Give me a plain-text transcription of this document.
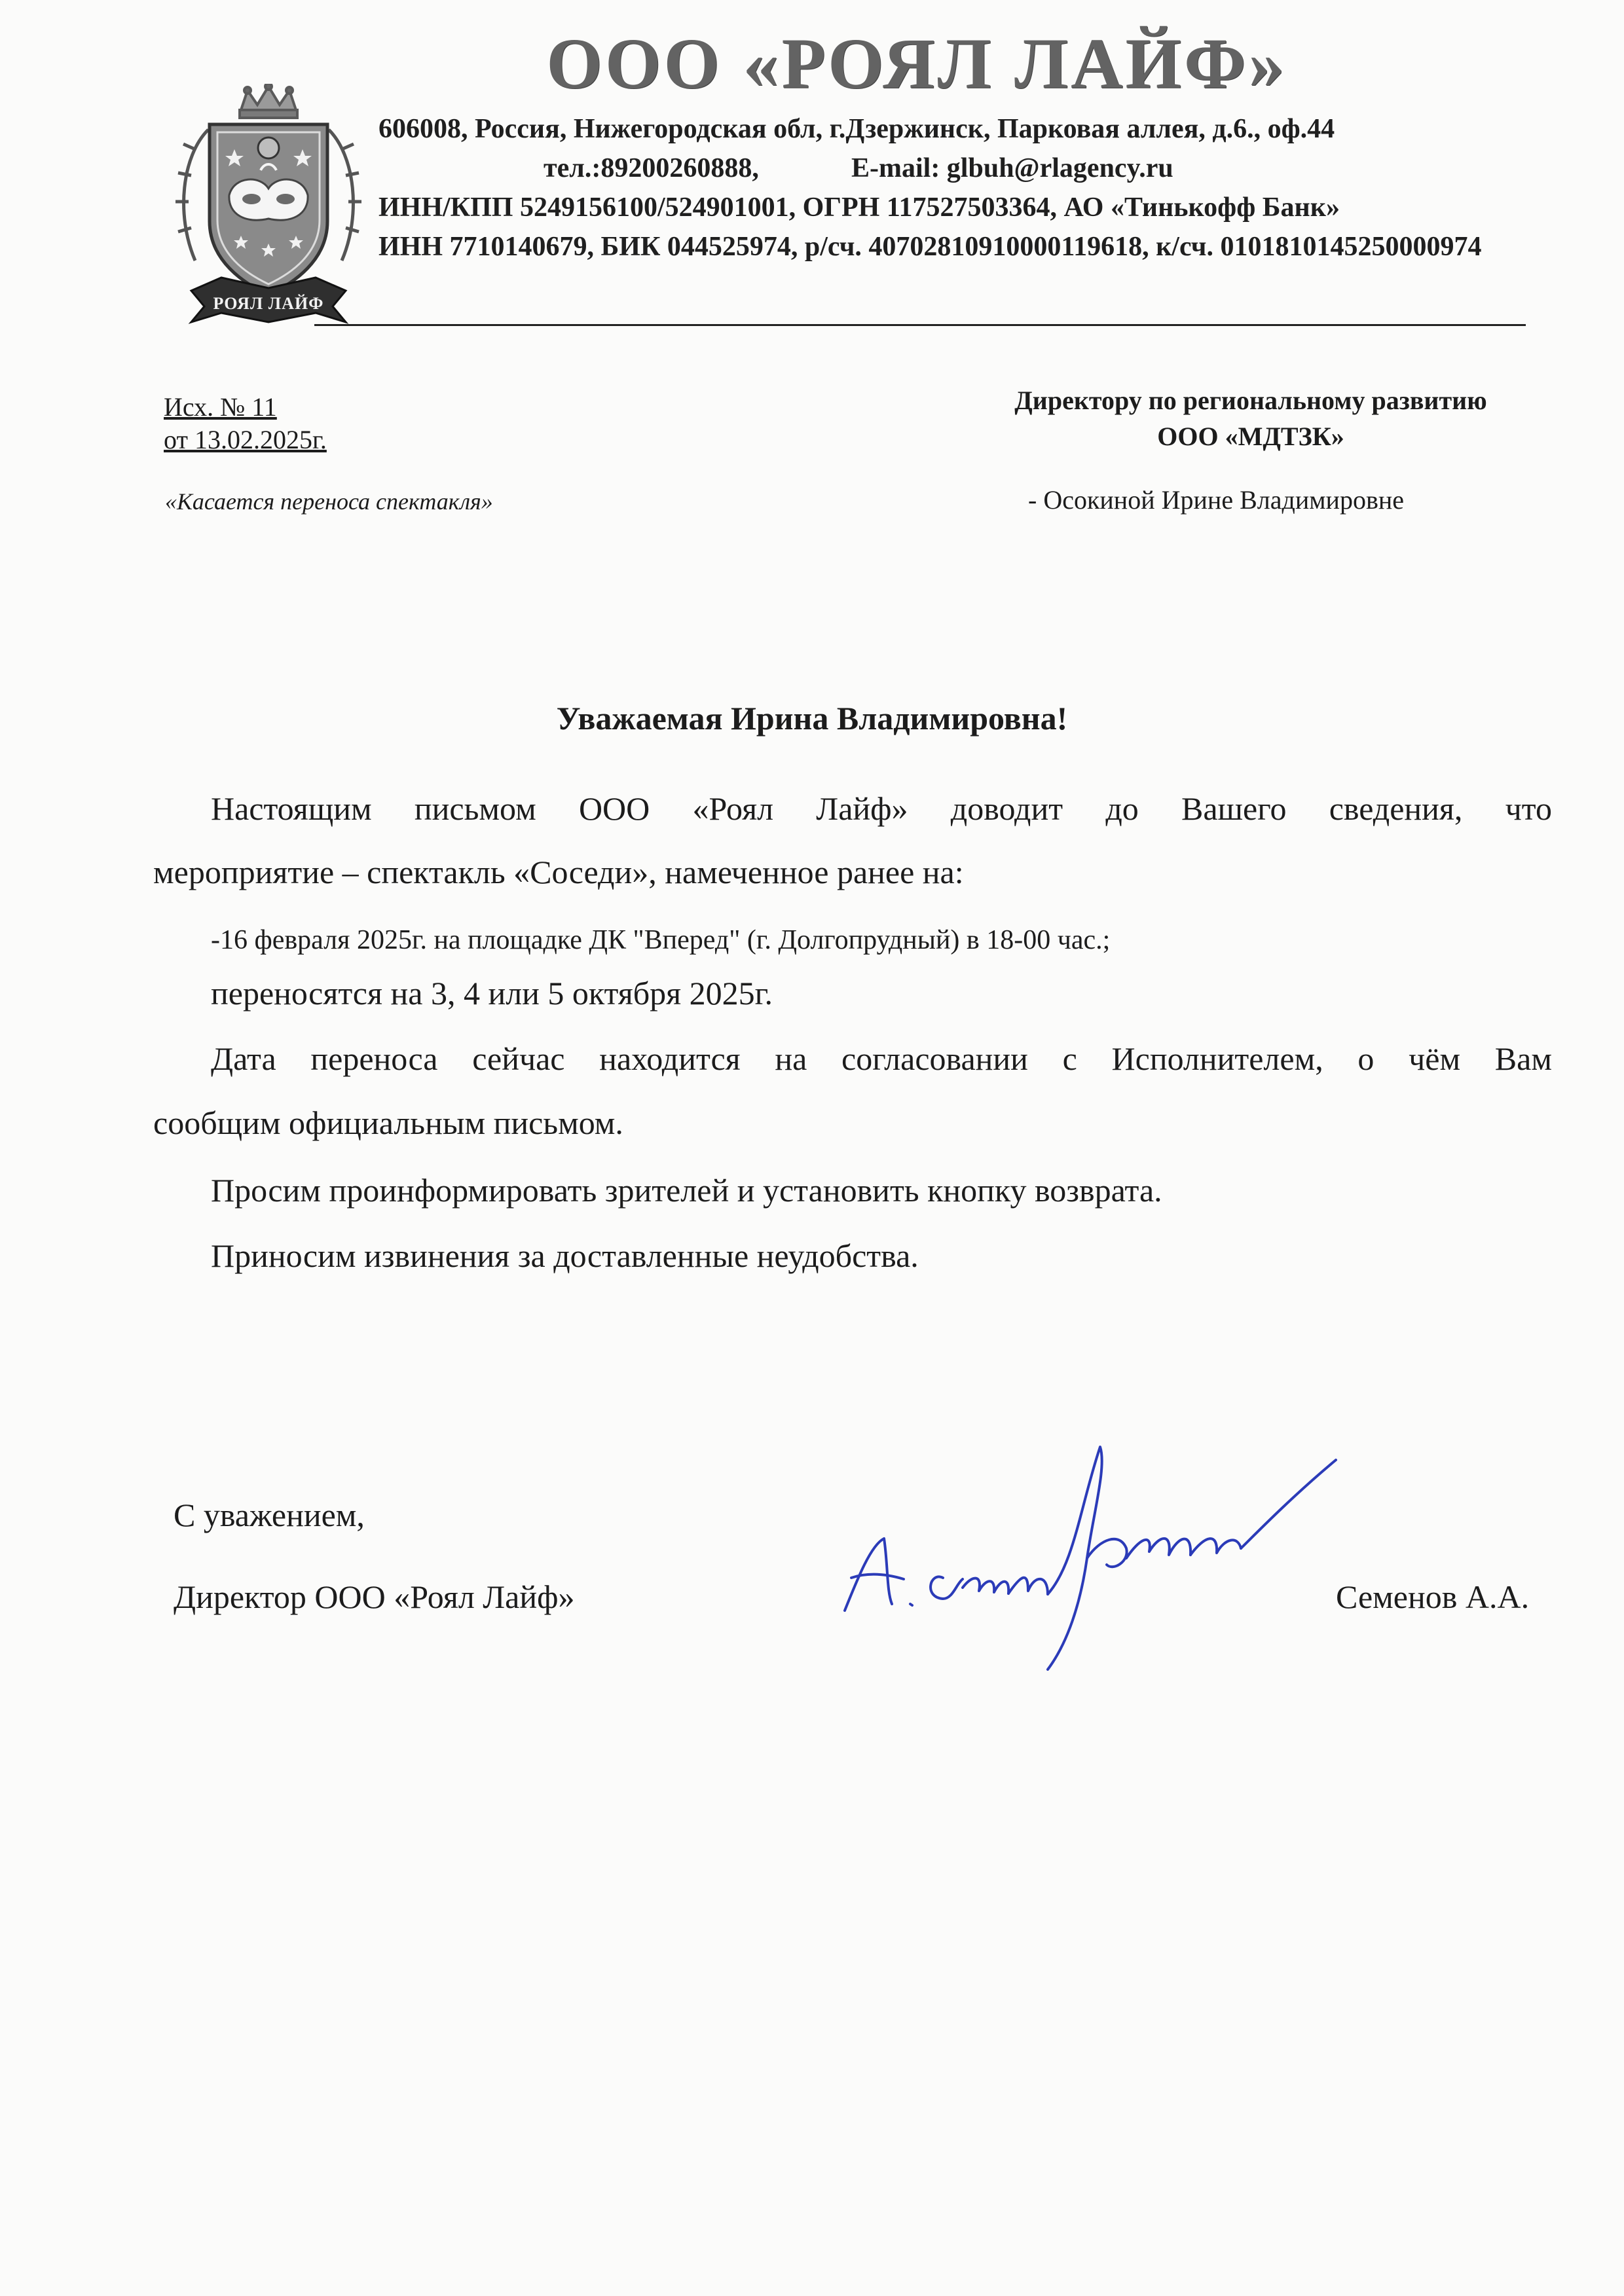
РОЯЛ ЛАЙФ
ООО «РОЯЛ ЛАЙФ»
606008, Россия, Нижегородская обл, г.Дзержинск, Парковая аллея, д.6., оф.44
тел.:89200260888,	E-mail: glbuh@rlagency.ru
ИНН/КПП 5249156100/524901001, ОГРН 117527503364, АО «Тинькофф Банк»
ИНН 7710140679, БИК 044525974, р/сч. 40702810910000119618, к/сч. 0101810145250000974
Исх. № 11
от 13.02.2025г.
«Касается переноса спектакля»
Директору по региональному развитию
ООО «МДТЗК»
- Осокиной Ирине Владимировне
Уважаемая Ирина Владимировна!
Настоящим письмом ООО «Роял Лайф» доводит до Вашего сведения, что
мероприятие – спектакль «Соседи», намеченное ранее на:
-16 февраля 2025г. на площадке ДК "Вперед" (г. Долгопрудный) в 18-00 час.;
переносятся на 3, 4 или 5 октября 2025г.
Дата переноса сейчас находится на согласовании с Исполнителем, о чём Вам
сообщим официальным письмом.
Просим проинформировать зрителей и установить кнопку возврата.
Приносим извинения за доставленные неудобства.
С уважением,
Директор ООО «Роял Лайф»	Семенов А.А.
